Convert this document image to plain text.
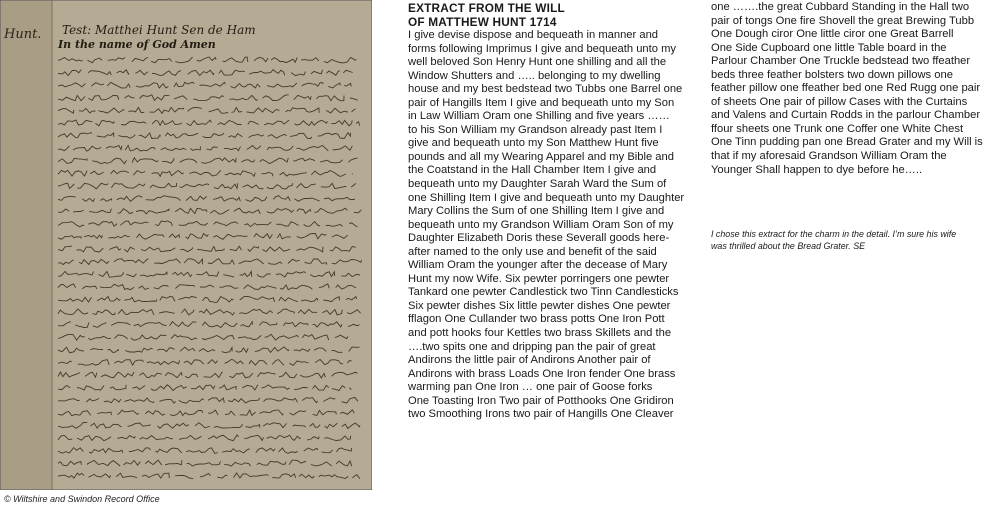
Hunt. Test: Matthei Hunt Sen de Ham
In the name of God Amen
© Wiltshire and Swindon Record Office
EXTRACT FROM THE WILL
OF MATTHEW HUNT 1714
I give devise dispose and bequeath in manner and
forms following Imprimus I give and bequeath unto my
well beloved Son Henry Hunt one shilling and all the
Window Shutters and ….. belonging to my dwelling
house and my best bedstead two Tubbs one Barrel one
pair of Hangills Item I give and bequeath unto my Son
in Law William Oram one Shilling and five years ……
to his Son William my Grandson already past Item I
give and bequeath unto my Son Matthew Hunt five
pounds and all my Wearing Apparel and my Bible and
the Coatstand in the Hall Chamber Item I give and
bequeath unto my Daughter Sarah Ward the Sum of
one Shilling Item I give and bequeath unto my Daughter
Mary Collins the Sum of one Shilling Item I give and
bequeath unto my Grandson William Oram Son of my
Daughter Elizabeth Doris these Severall goods here-
after named to the only use and benefit of the said
William Oram the younger after the decease of Mary
Hunt my now Wife. Six pewter porringers one pewter
Tankard one pewter Candlestick two Tinn Candlesticks
Six pewter dishes Six little pewter dishes One pewter
fflagon One Cullander two brass potts One Iron Pott
and pott hooks four Kettles two brass Skillets and the
….two spits one and dripping pan the pair of great
Andirons the little pair of Andirons Another pair of
Andirons with brass Loads One Iron fender One brass
warming pan One Iron … one pair of Goose forks
One Toasting Iron Two pair of Potthooks One Gridiron
two Smoothing Irons two pair of Hangills One Cleaver
one …….the great Cubbard Standing in the Hall two
pair of tongs One fire Shovell the great Brewing Tubb
One Dough ciror One little ciror one Great Barrell
One Side Cupboard one little Table board in the
Parlour Chamber One Truckle bedstead two ffeather
beds three feather bolsters two down pillows one
feather pillow one ffeather bed one Red Rugg one pair
of sheets One pair of pillow Cases with the Curtains
and Valens and Curtain Rodds in the parlour Chamber
ffour sheets one Trunk one Coffer one White Chest
One Tinn pudding pan one Bread Grater and my Will is
that if my aforesaid Grandson William Oram the
Younger Shall happen to dye before he…..
I chose this extract for the charm in the detail. I’m sure his wife
was thrilled about the Bread Grater. SE
